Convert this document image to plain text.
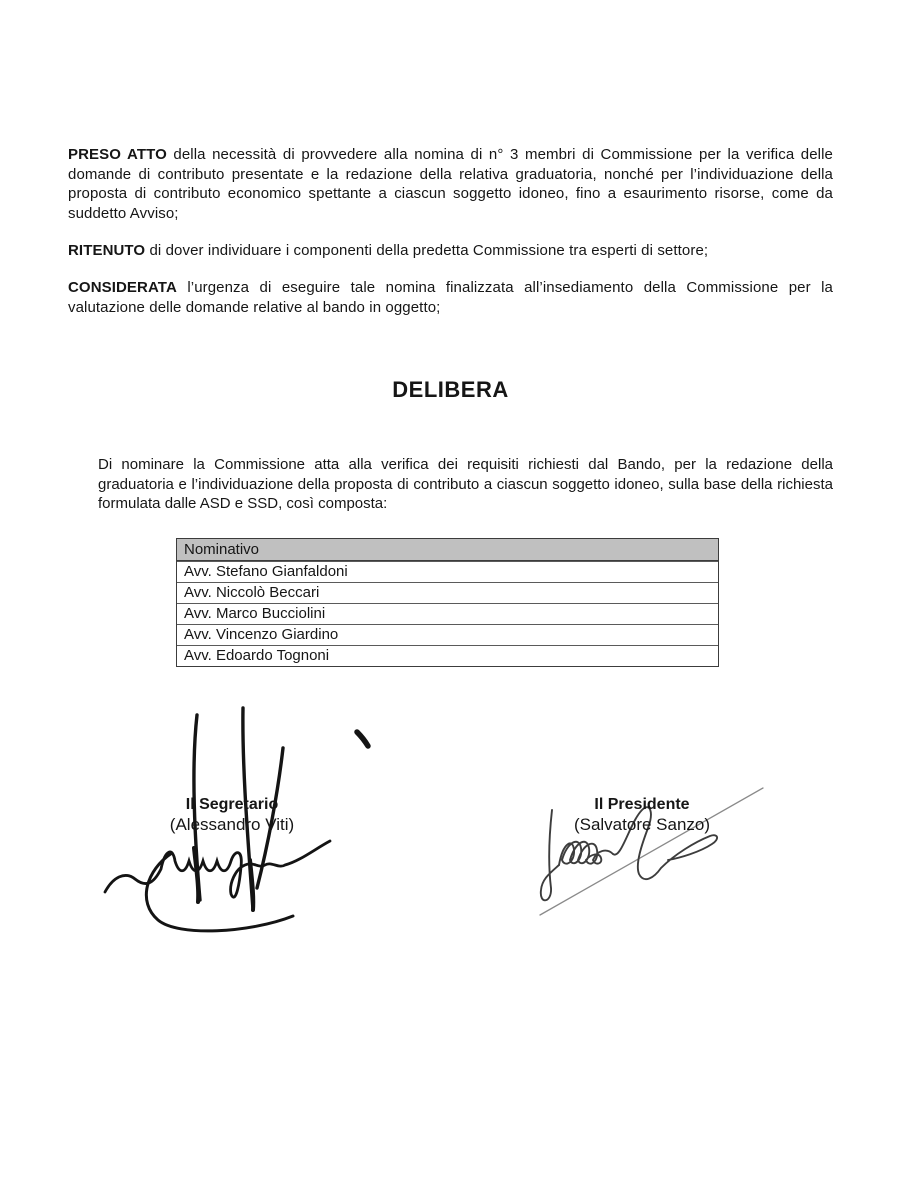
PRESO ATTO della necessità di provvedere alla nomina di n° 3 membri di Commissione per la verifica delle domande di contributo presentate e la redazione della relativa graduatoria, nonché per l’individuazione della proposta di contributo economico spettante a ciascun soggetto idoneo, fino a esaurimento risorse, come da suddetto Avviso;

RITENUTO di dover individuare i componenti della predetta Commissione tra esperti di settore;

CONSIDERATA l’urgenza di eseguire tale nomina finalizzata all’insediamento della Commissione per la valutazione delle domande relative al bando in oggetto;

DELIBERA

Di nominare la Commissione atta alla verifica dei requisiti richiesti dal Bando, per la redazione della graduatoria e l’individuazione della proposta di contributo a ciascun soggetto idoneo, sulla base della richiesta formulata dalle ASD e SSD, così composta:

Nominativo
Avv. Stefano Gianfaldoni
Avv. Niccolò Beccari
Avv. Marco Bucciolini
Avv. Vincenzo Giardino
Avv. Edoardo Tognoni
Il Segretario
(Alessandro Viti)
Il Presidente
(Salvatore Sanzo)
